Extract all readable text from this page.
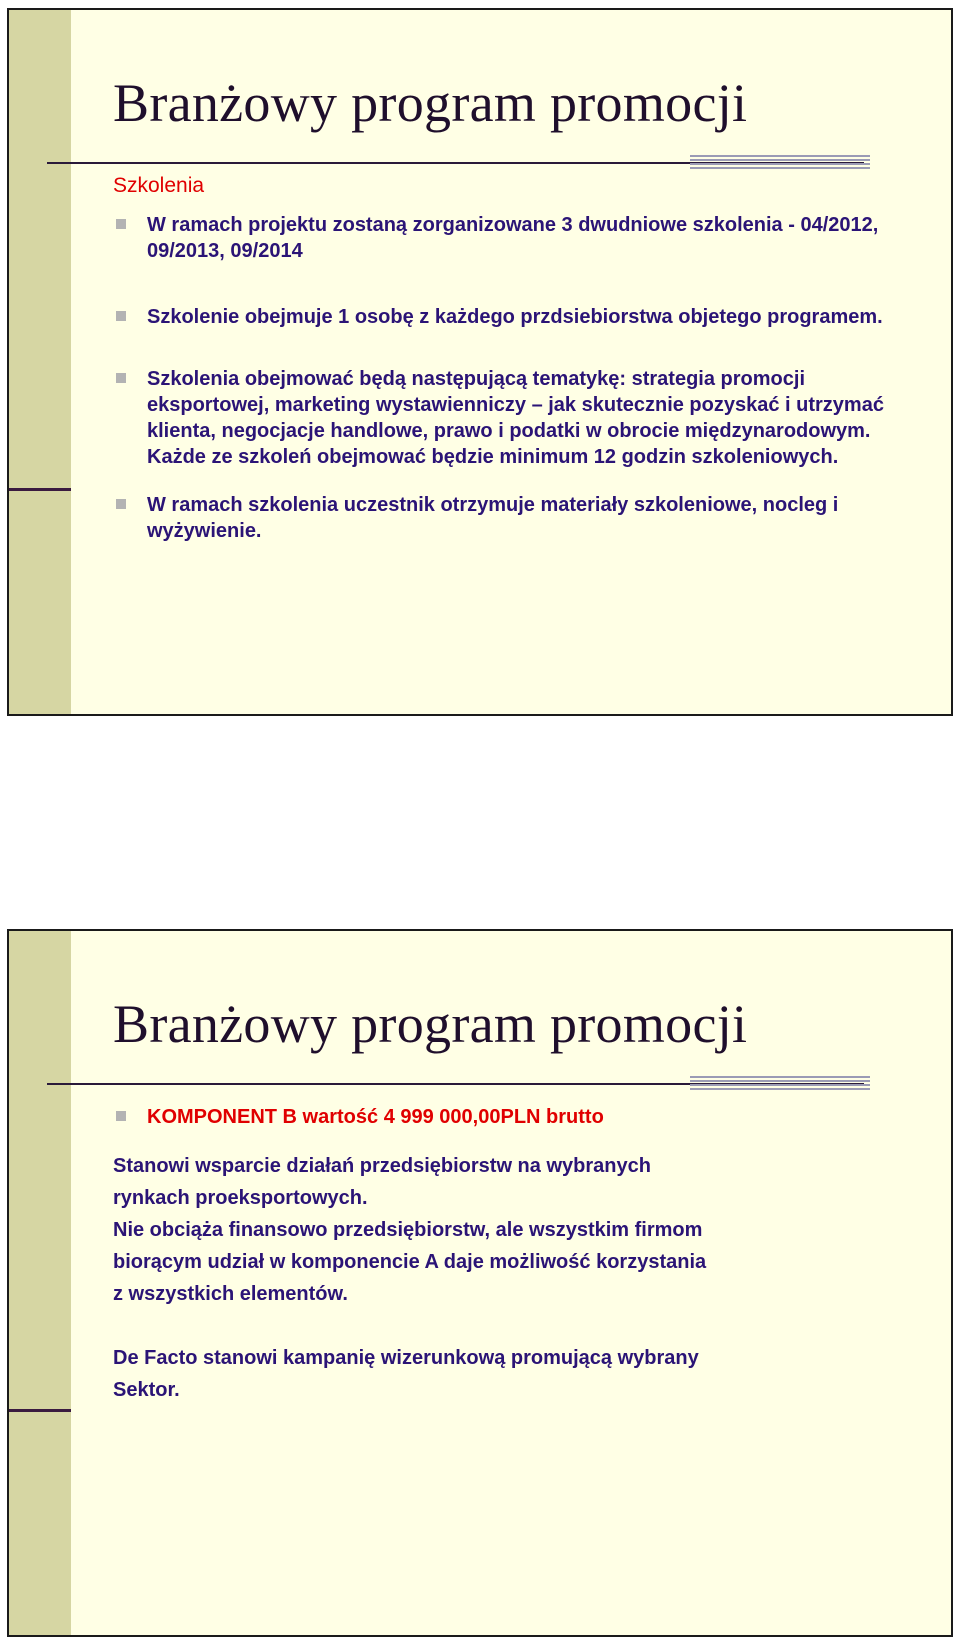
Branżowy program promocji

Szkolenia

W ramach projektu zostaną zorganizowane 3 dwudniowe szkolenia - 04/2012, 09/2013, 09/2014
Szkolenie obejmuje 1 osobę z każdego przdsiebiorstwa objetego programem.
Szkolenia obejmować będą następującą tematykę: strategia promocji eksportowej, marketing wystawienniczy – jak skutecznie pozyskać i utrzymać klienta, negocjacje handlowe, prawo i podatki w obrocie międzynarodowym. Każde ze szkoleń obejmować będzie minimum 12 godzin szkoleniowych.
W ramach szkolenia uczestnik otrzymuje materiały szkoleniowe, nocleg i wyżywienie.
Branżowy program promocji
KOMPONENT B wartość 4 999 000,00PLN brutto

Stanowi wsparcie działań przedsiębiorstw na wybranych

rynkach proeksportowych.

Nie obciąża finansowo przedsiębiorstw, ale wszystkim firmom

biorącym udział w komponencie A daje możliwość korzystania

z wszystkich elementów.

De Facto stanowi kampanię wizerunkową promującą wybrany

Sektor.
